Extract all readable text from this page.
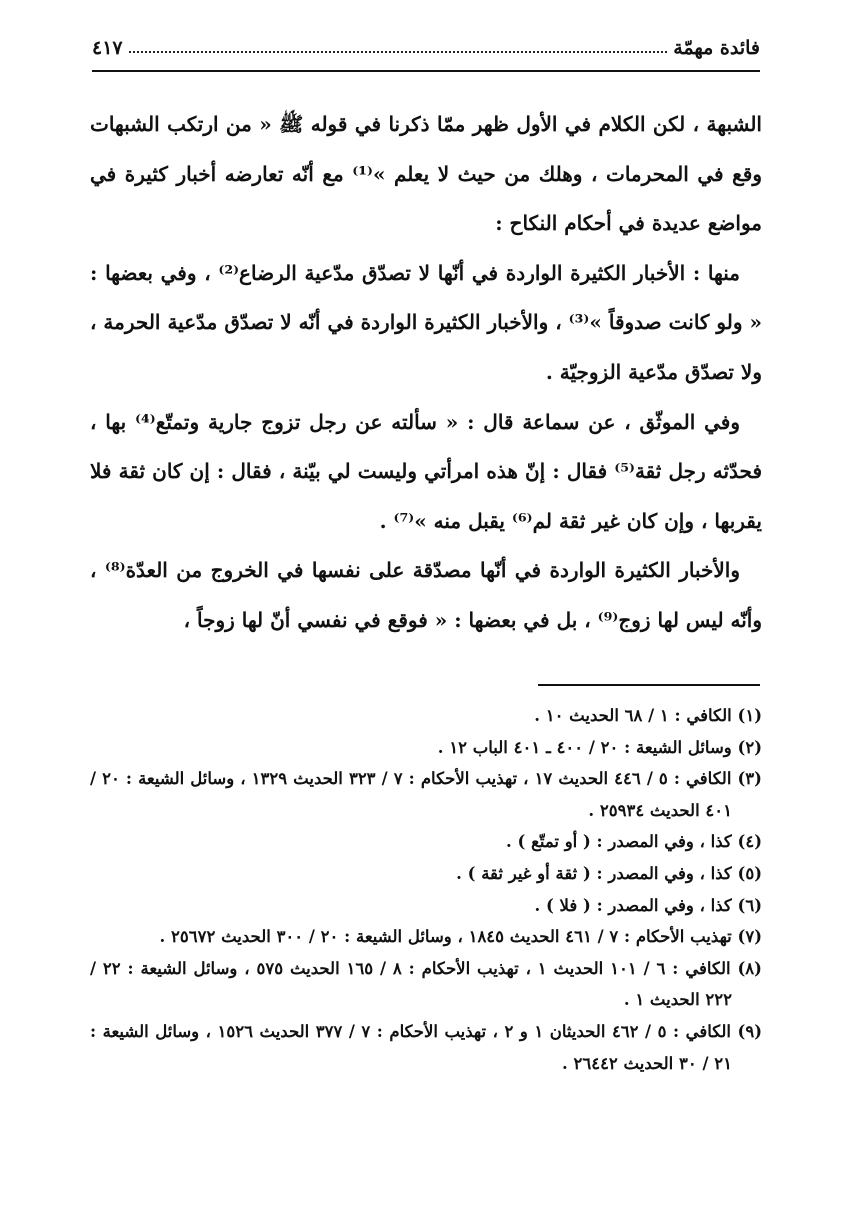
فائدة مهمّة
٤١٧

الشبهة ، لكن الكلام في الأول ظهر ممّا ذكرنا في قوله ﷺ « من ارتكب الشبهات وقع في المحرمات ، وهلك من حيث لا يعلم »⁽¹⁾ مع أنّه تعارضه أخبار كثيرة في مواضع عديدة في أحكام النكاح :

منها : الأخبار الكثيرة الواردة في أنّها لا تصدّق مدّعية الرضاع⁽²⁾ ، وفي بعضها : « ولو كانت صدوقاً »⁽³⁾ ، والأخبار الكثيرة الواردة في أنّه لا تصدّق مدّعية الحرمة ، ولا تصدّق مدّعية الزوجيّة .

وفي الموثّق ، عن سماعة قال : « سألته عن رجل تزوج جارية وتمتّع⁽⁴⁾ بها ، فحدّثه رجل ثقة⁽⁵⁾ فقال : إنّ هذه امرأتي وليست لي بيّنة ، فقال : إن كان ثقة فلا يقربها ، وإن كان غير ثقة لم⁽⁶⁾ يقبل منه »⁽⁷⁾ .

والأخبار الكثيرة الواردة في أنّها مصدّقة على نفسها في الخروج من العدّة⁽⁸⁾ ، وأنّه ليس لها زوج⁽⁹⁾ ، بل في بعضها : « فوقع في نفسي أنّ لها زوجاً ،

(١) الكافي : ١ / ٦٨ الحديث ١٠ .
(٢) وسائل الشيعة : ٢٠ / ٤٠٠ ـ ٤٠١ الباب ١٢ .
(٣) الكافي : ٥ / ٤٤٦ الحديث ١٧ ، تهذيب الأحكام : ٧ / ٣٢٣ الحديث ١٣٢٩ ، وسائل الشيعة : ٢٠ / ٤٠١ الحديث ٢٥٩٣٤ .
(٤) كذا ، وفي المصدر : ( أو تمتّع ) .
(٥) كذا ، وفي المصدر : ( ثقة أو غير ثقة ) .
(٦) كذا ، وفي المصدر : ( فلا ) .
(٧) تهذيب الأحكام : ٧ / ٤٦١ الحديث ١٨٤٥ ، وسائل الشيعة : ٢٠ / ٣٠٠ الحديث ٢٥٦٧٢ .
(٨) الكافي : ٦ / ١٠١ الحديث ١ ، تهذيب الأحكام : ٨ / ١٦٥ الحديث ٥٧٥ ، وسائل الشيعة : ٢٢ / ٢٢٢ الحديث ١ .
(٩) الكافي : ٥ / ٤٦٢ الحديثان ١ و ٢ ، تهذيب الأحكام : ٧ / ٣٧٧ الحديث ١٥٢٦ ، وسائل الشيعة : ٢١ / ٣٠ الحديث ٢٦٤٤٢ .
